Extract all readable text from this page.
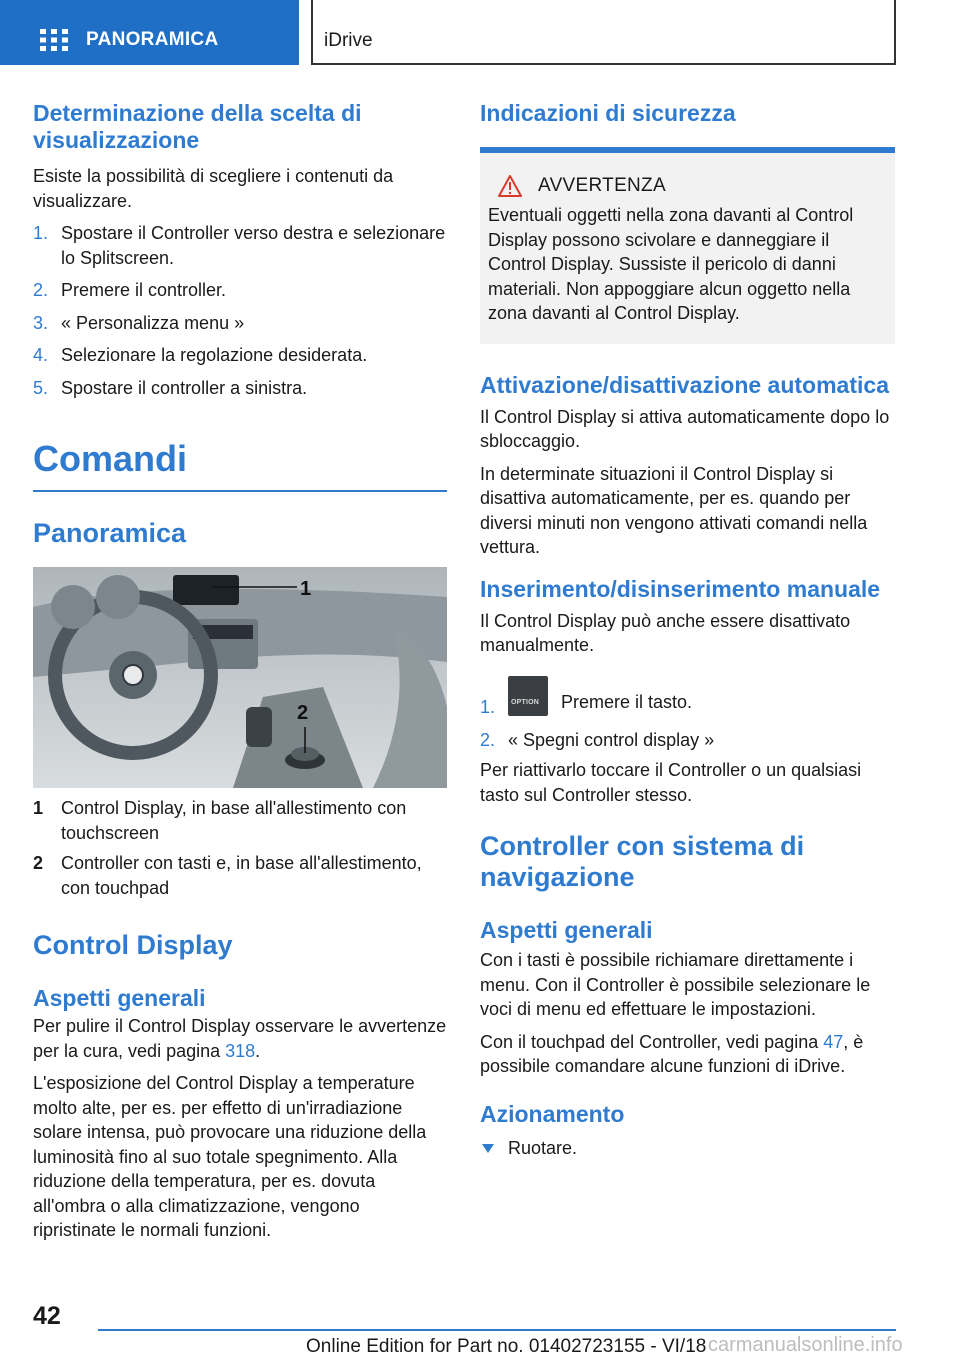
PANORAMICA	iDrive
Determinazione della scelta di visualizzazione
Esiste la possibilità di scegliere i contenuti da visualizzare.
1. Spostare il Controller verso destra e selezionare lo Splitscreen.
2. Premere il controller.
3. « Personalizza menu »
4. Selezionare la regolazione desiderata.
5. Spostare il controller a sinistra.
Comandi
Panoramica
1
2
1 Control Display, in base all'allestimento con touchscreen
2 Controller con tasti e, in base all'allestimento, con touchpad
Control Display
Aspetti generali
Per pulire il Control Display osservare le avvertenze per la cura, vedi pagina 318.
L'esposizione del Control Display a temperature molto alte, per es. per effetto di un'irradiazione solare intensa, può provocare una riduzione della luminosità fino al suo totale spegnimento. Alla riduzione della temperatura, per es. dovuta all'ombra o alla climatizzazione, vengono ripristinate le normali funzioni.
Indicazioni di sicurezza
AVVERTENZA
Eventuali oggetti nella zona davanti al Control Display possono scivolare e danneggiare il Control Display. Sussiste il pericolo di danni materiali. Non appoggiare alcun oggetto nella zona davanti al Control Display.
Attivazione/disattivazione automatica
Il Control Display si attiva automaticamente dopo lo sbloccaggio.
In determinate situazioni il Control Display si disattiva automaticamente, per es. quando per diversi minuti non vengono attivati comandi nella vettura.
Inserimento/disinserimento manuale
Il Control Display può anche essere disattivato manualmente.
1. OPTION Premere il tasto.
2. « Spegni control display »
Per riattivarlo toccare il Controller o un qualsiasi tasto sul Controller stesso.
Controller con sistema di navigazione
Aspetti generali
Con i tasti è possibile richiamare direttamente i menu. Con il Controller è possibile selezionare le voci di menu ed effettuare le impostazioni.
Con il touchpad del Controller, vedi pagina 47, è possibile comandare alcune funzioni di iDrive.
Azionamento
Ruotare.
42
Online Edition for Part no. 01402723155 - VI/18 carmanualsonline.info
